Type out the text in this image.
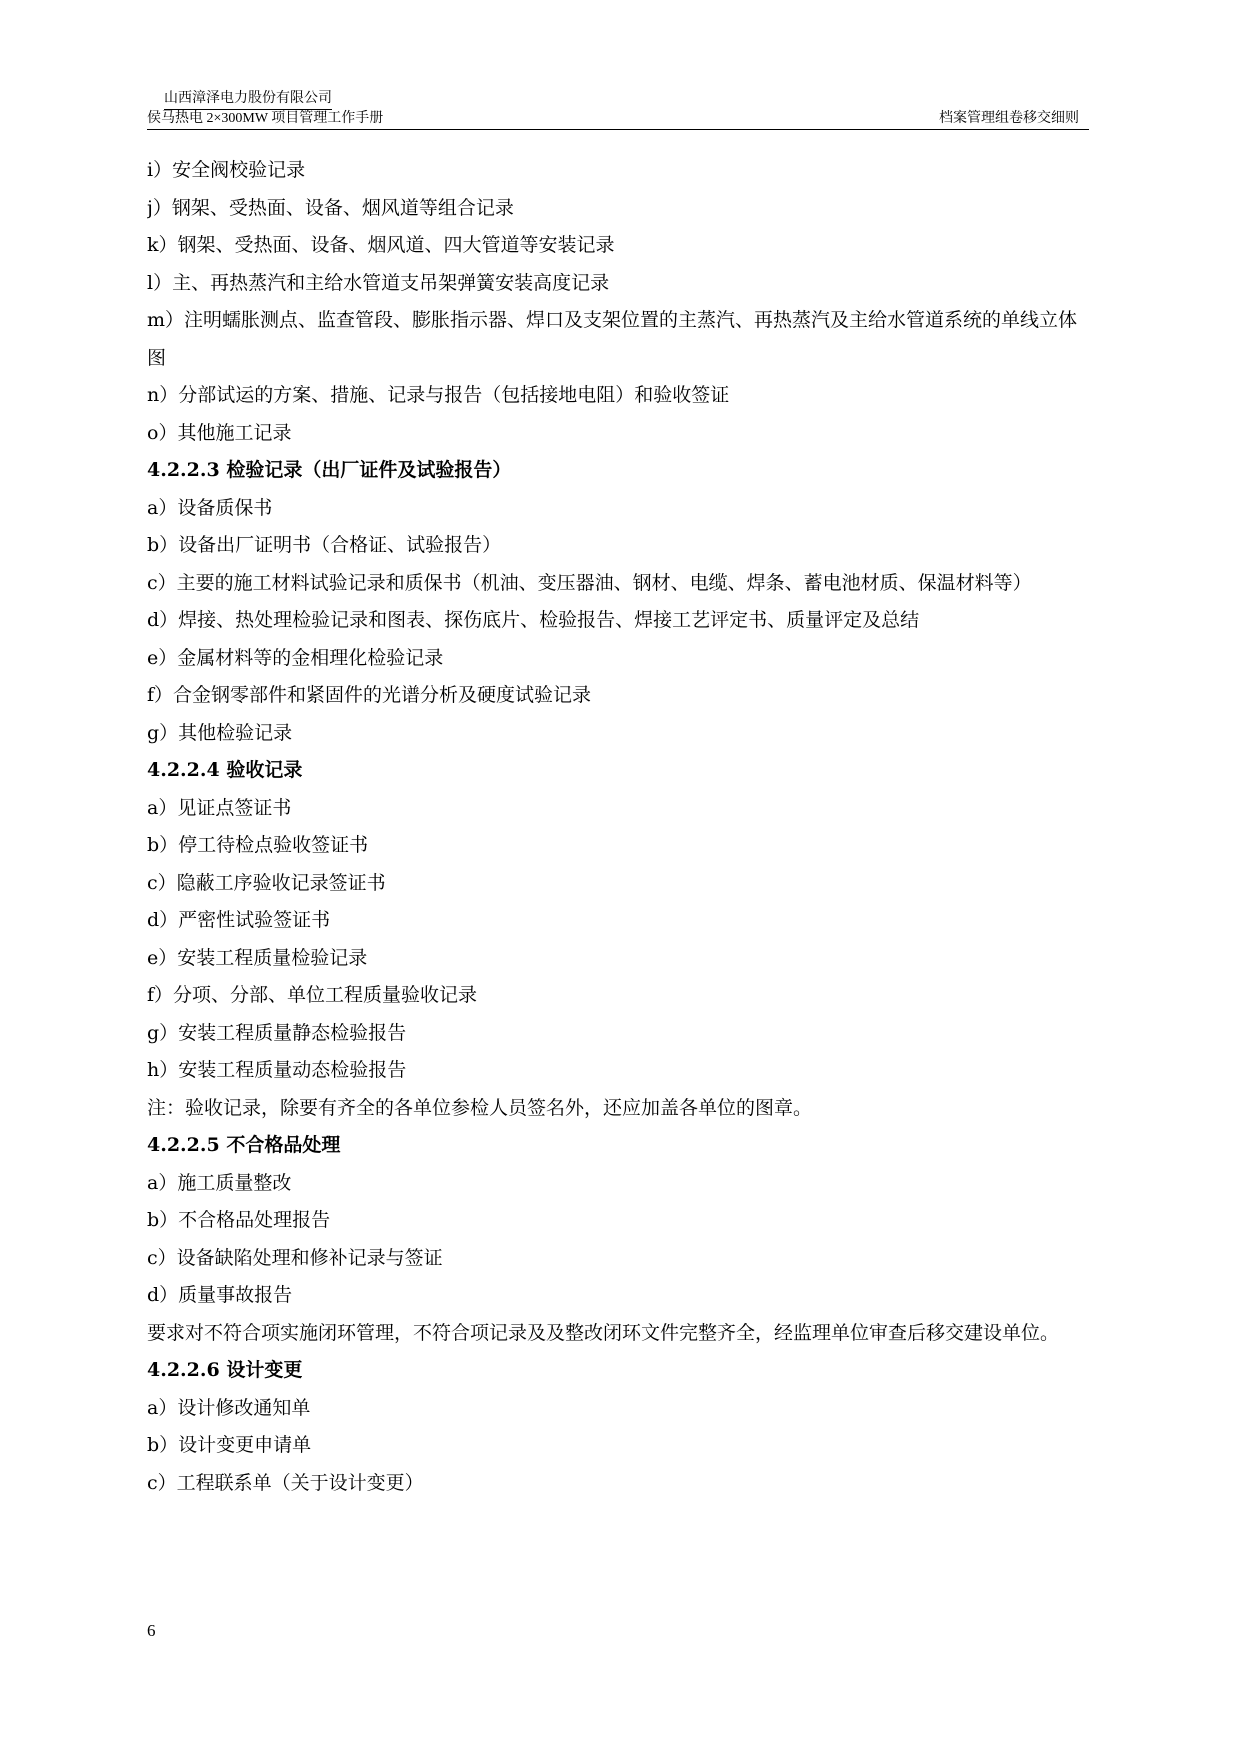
山西漳泽电力股份有限公司
侯马热电 2×300MW 项目管理工作手册	档案管理组卷移交细则
i）安全阀校验记录
j）钢架、受热面、设备、烟风道等组合记录
k）钢架、受热面、设备、烟风道、四大管道等安装记录
l）主、再热蒸汽和主给水管道支吊架弹簧安装高度记录
m）注明蠕胀测点、监查管段、膨胀指示器、焊口及支架位置的主蒸汽、再热蒸汽及主给水管道系统的单线立体图
n）分部试运的方案、措施、记录与报告（包括接地电阻）和验收签证
o）其他施工记录
4.2.2.3 检验记录（出厂证件及试验报告）
a）设备质保书
b）设备出厂证明书（合格证、试验报告）
c）主要的施工材料试验记录和质保书（机油、变压器油、钢材、电缆、焊条、蓄电池材质、保温材料等）
d）焊接、热处理检验记录和图表、探伤底片、检验报告、焊接工艺评定书、质量评定及总结
e）金属材料等的金相理化检验记录
f）合金钢零部件和紧固件的光谱分析及硬度试验记录
g）其他检验记录
4.2.2.4 验收记录
a）见证点签证书
b）停工待检点验收签证书
c）隐蔽工序验收记录签证书
d）严密性试验签证书
e）安装工程质量检验记录
f）分项、分部、单位工程质量验收记录
g）安装工程质量静态检验报告
h）安装工程质量动态检验报告
注：验收记录，除要有齐全的各单位参检人员签名外，还应加盖各单位的图章。
4.2.2.5 不合格品处理
a）施工质量整改
b）不合格品处理报告
c）设备缺陷处理和修补记录与签证
d）质量事故报告
要求对不符合项实施闭环管理，不符合项记录及及整改闭环文件完整齐全，经监理单位审查后移交建设单位。
4.2.2.6 设计变更
a）设计修改通知单
b）设计变更申请单
c）工程联系单（关于设计变更）
6
